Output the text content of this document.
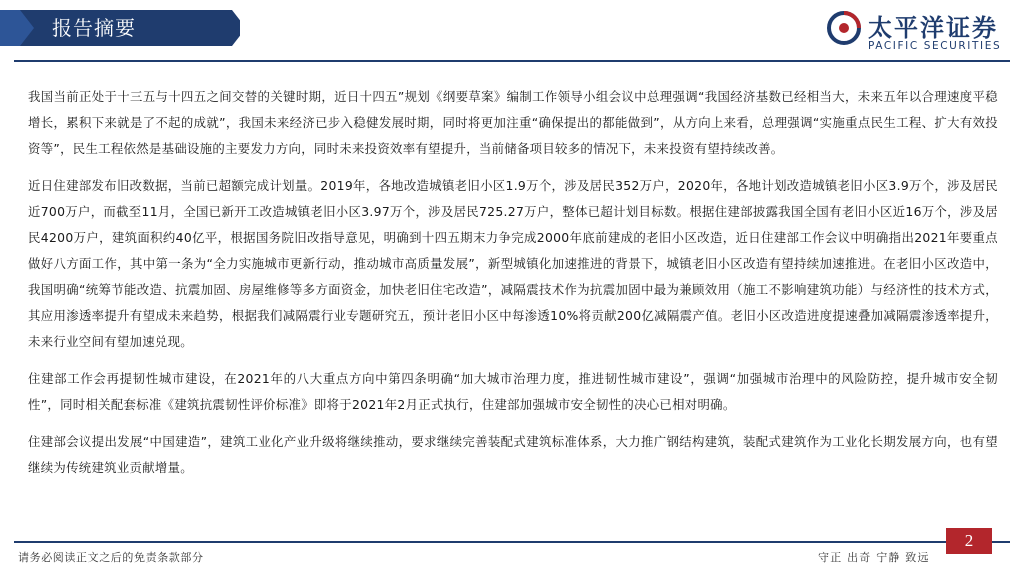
报告摘要	太平洋证券
PACIFIC SECURITIES

我国当前正处于十三五与十四五之间交替的关键时期，近日十四五”规划《纲要草案》编制工作领导小组会议中总理强调“我国经济基数已经相当大，未来五年以合理速度平稳增长，累积下来就是了不起的成就”，我国未来经济已步入稳健发展时期，同时将更加注重“确保提出的都能做到”，从方向上来看，总理强调“实施重点民生工程、扩大有效投资等”，民生工程依然是基础设施的主要发力方向，同时未来投资效率有望提升，当前储备项目较多的情况下，未来投资有望持续改善。

近日住建部发布旧改数据，当前已超额完成计划量。2019年，各地改造城镇老旧小区1.9万个，涉及居民352万户，2020年，各地计划改造城镇老旧小区3.9万个，涉及居民近700万户，而截至11月，全国已新开工改造城镇老旧小区3.97万个，涉及居民725.27万户，整体已超计划目标数。根据住建部披露我国全国有老旧小区近16万个，涉及居民4200万户，建筑面积约40亿平，根据国务院旧改指导意见，明确到十四五期末力争完成2000年底前建成的老旧小区改造，近日住建部工作会议中明确指出2021年要重点做好八方面工作，其中第一条为“全力实施城市更新行动，推动城市高质量发展”，新型城镇化加速推进的背景下，城镇老旧小区改造有望持续加速推进。在老旧小区改造中，我国明确“统筹节能改造、抗震加固、房屋维修等多方面资金，加快老旧住宅改造”，减隔震技术作为抗震加固中最为兼顾效用（施工不影响建筑功能）与经济性的技术方式，其应用渗透率提升有望成未来趋势，根据我们减隔震行业专题研究五，预计老旧小区中每渗透10%将贡献200亿减隔震产值。老旧小区改造进度提速叠加减隔震渗透率提升，未来行业空间有望加速兑现。

住建部工作会再提韧性城市建设，在2021年的八大重点方向中第四条明确“加大城市治理力度，推进韧性城市建设”，强调“加强城市治理中的风险防控，提升城市安全韧性”，同时相关配套标准《建筑抗震韧性评价标准》即将于2021年2月正式执行，住建部加强城市安全韧性的决心已相对明确。

住建部会议提出发展“中国建造”，建筑工业化产业升级将继续推动，要求继续完善装配式建筑标准体系，大力推广钢结构建筑，装配式建筑作为工业化长期发展方向，也有望继续为传统建筑业贡献增量。

2
请务必阅读正文之后的免责条款部分	守正 出奇 宁静 致远
